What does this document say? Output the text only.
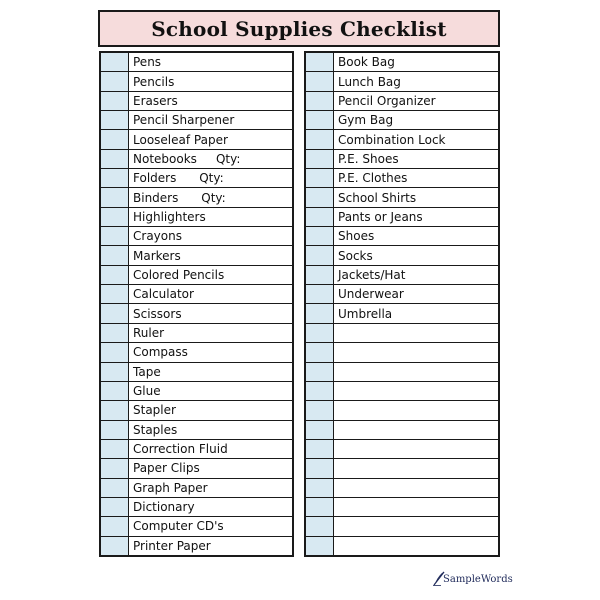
School Supplies Checklist
Pens
Pencils
Erasers
Pencil Sharpener
Looseleaf Paper
Notebooks     Qty:
Folders      Qty:
Binders      Qty:
Highlighters
Crayons
Markers
Colored Pencils
Calculator
Scissors
Ruler
Compass
Tape
Glue
Stapler
Staples
Correction Fluid
Paper Clips
Graph Paper
Dictionary
Computer CD's
Printer Paper
Book Bag
Lunch Bag
Pencil Organizer
Gym Bag
Combination Lock
P.E. Shoes
P.E. Clothes
School Shirts
Pants or Jeans
Shoes
Socks
Jackets/Hat
Underwear
Umbrella
SampleWords
